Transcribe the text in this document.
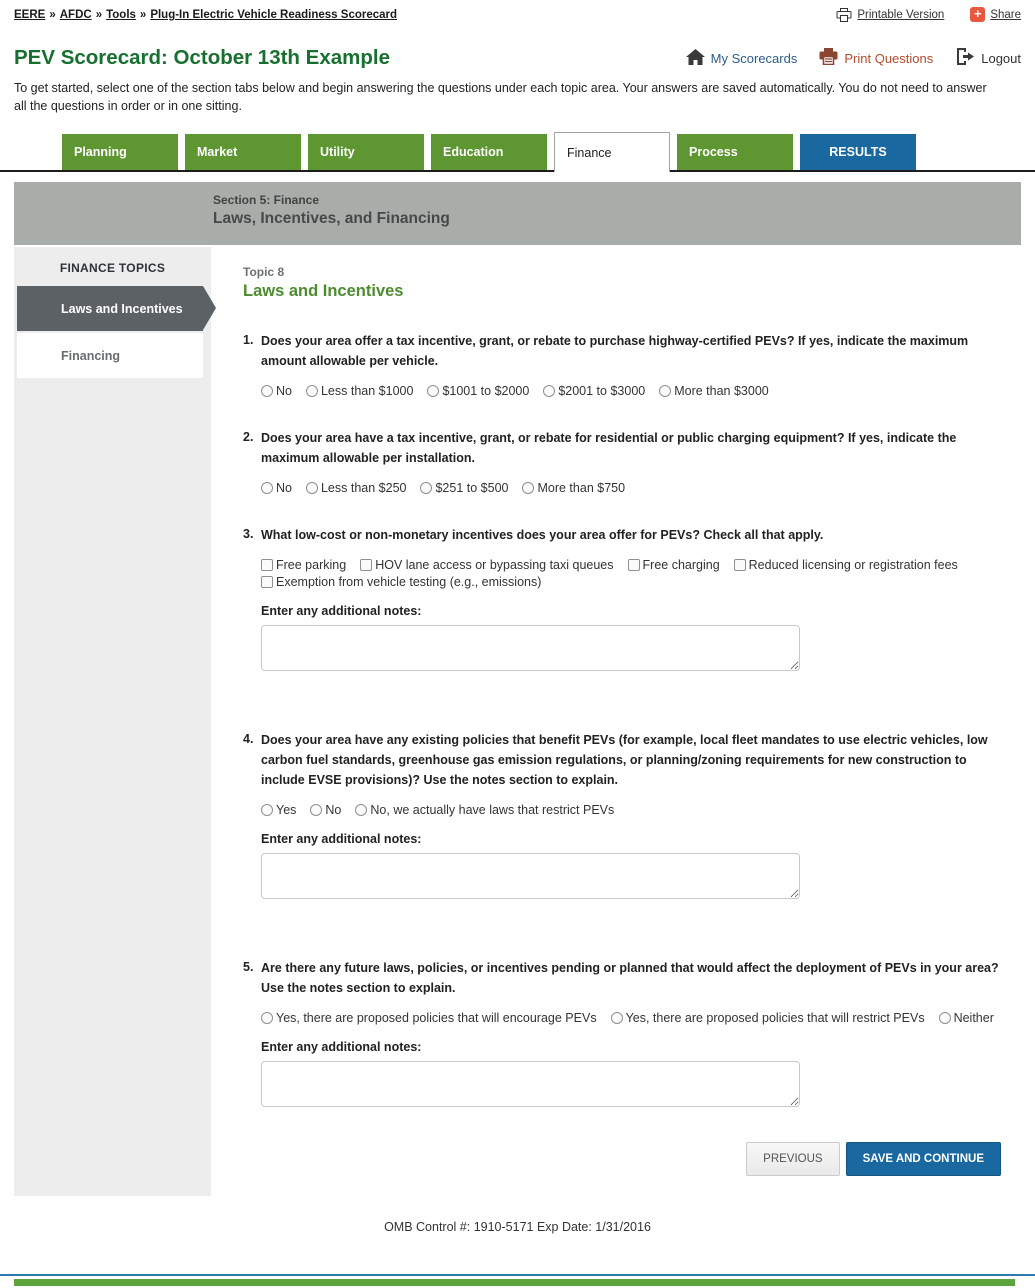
EERE » AFDC » Tools » Plug-In Electric Vehicle Readiness Scorecard	Printable Version + Share
PEV Scorecard: October 13th Example	My Scorecards	Print Questions	Logout

To get started, select one of the section tabs below and begin answering the questions under each topic area. Your answers are saved automatically. You do not need to answer all the questions in order or in one sitting.

Planning	Market	Utility	Education	Finance	Process	RESULTS
Section 5: Finance
Laws, Incentives, and Financing
FINANCE TOPICS
Laws and Incentives
Financing
Topic 8
Laws and Incentives
1. Does your area offer a tax incentive, grant, or rebate to purchase highway-certified PEVs? If yes, indicate the maximum amount allowable per vehicle.
No Less than $1000 $1001 to $2000 $2001 to $3000 More than $3000
2. Does your area have a tax incentive, grant, or rebate for residential or public charging equipment? If yes, indicate the maximum allowable per installation.
No Less than $250 $251 to $500 More than $750
3. What low-cost or non-monetary incentives does your area offer for PEVs? Check all that apply.
Free parking HOV lane access or bypassing taxi queues Free charging Reduced licensing or registration fees
Exemption from vehicle testing (e.g., emissions)
Enter any additional notes:
4. Does your area have any existing policies that benefit PEVs (for example, local fleet mandates to use electric vehicles, low carbon fuel standards, greenhouse gas emission regulations, or planning/zoning requirements for new construction to include EVSE provisions)? Use the notes section to explain.
Yes No No, we actually have laws that restrict PEVs
Enter any additional notes:
5. Are there any future laws, policies, or incentives pending or planned that would affect the deployment of PEVs in your area? Use the notes section to explain.
Yes, there are proposed policies that will encourage PEVs Yes, there are proposed policies that will restrict PEVs Neither
Enter any additional notes:
PREVIOUS	SAVE AND CONTINUE
OMB Control #: 1910-5171 Exp Date: 1/31/2016
